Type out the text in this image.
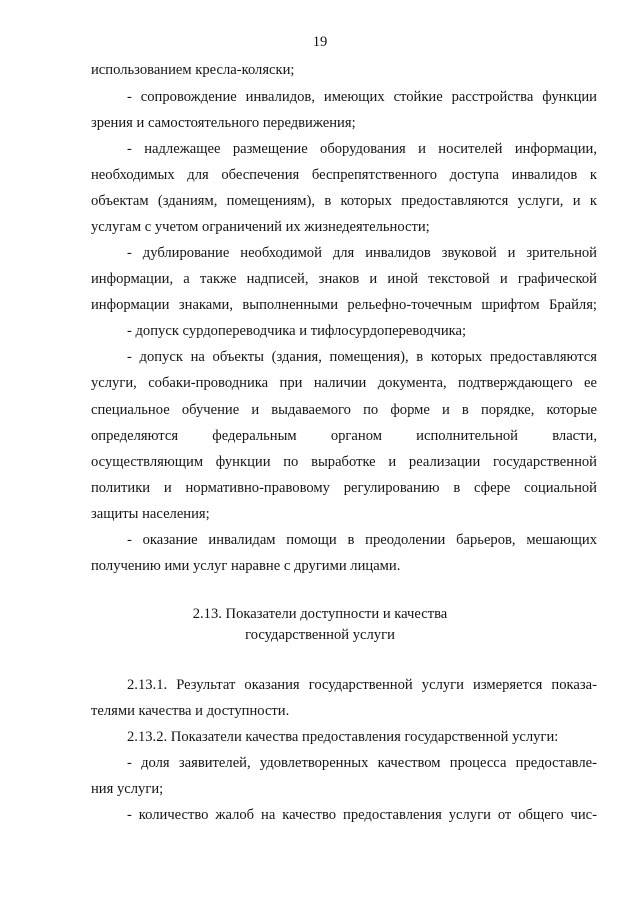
19
использованием кресла-коляски;
- сопровождение инвалидов, имеющих стойкие расстройства функции
зрения и самостоятельного передвижения;
- надлежащее размещение оборудования и носителей информации,
необходимых для обеспечения беспрепятственного доступа инвалидов к
объектам (зданиям, помещениям), в которых предоставляются услуги, и к
услугам с учетом ограничений их жизнедеятельности;
- дублирование необходимой для инвалидов звуковой и зрительной
информации, а также надписей, знаков и иной текстовой и графической
информации знаками, выполненными рельефно-точечным шрифтом Брайля;
- допуск сурдопереводчика и тифлосурдопереводчика;
- допуск на объекты (здания, помещения), в которых предоставляются
услуги, собаки-проводника при наличии документа, подтверждающего ее
специальное обучение и выдаваемого по форме и в порядке, которые
определяются федеральным органом исполнительной власти,
осуществляющим функции по выработке и реализации государственной
политики и нормативно-правовому регулированию в сфере социальной
защиты населения;
- оказание инвалидам помощи в преодолении барьеров, мешающих
получению ими услуг наравне с другими лицами.
2.13. Показатели доступности и качества
государственной услуги
2.13.1. Результат оказания государственной услуги измеряется показа-
телями качества и доступности.
2.13.2. Показатели качества предоставления государственной услуги:
- доля заявителей, удовлетворенных качеством процесса предоставле-
ния услуги;
- количество жалоб на качество предоставления услуги от общего чис-
